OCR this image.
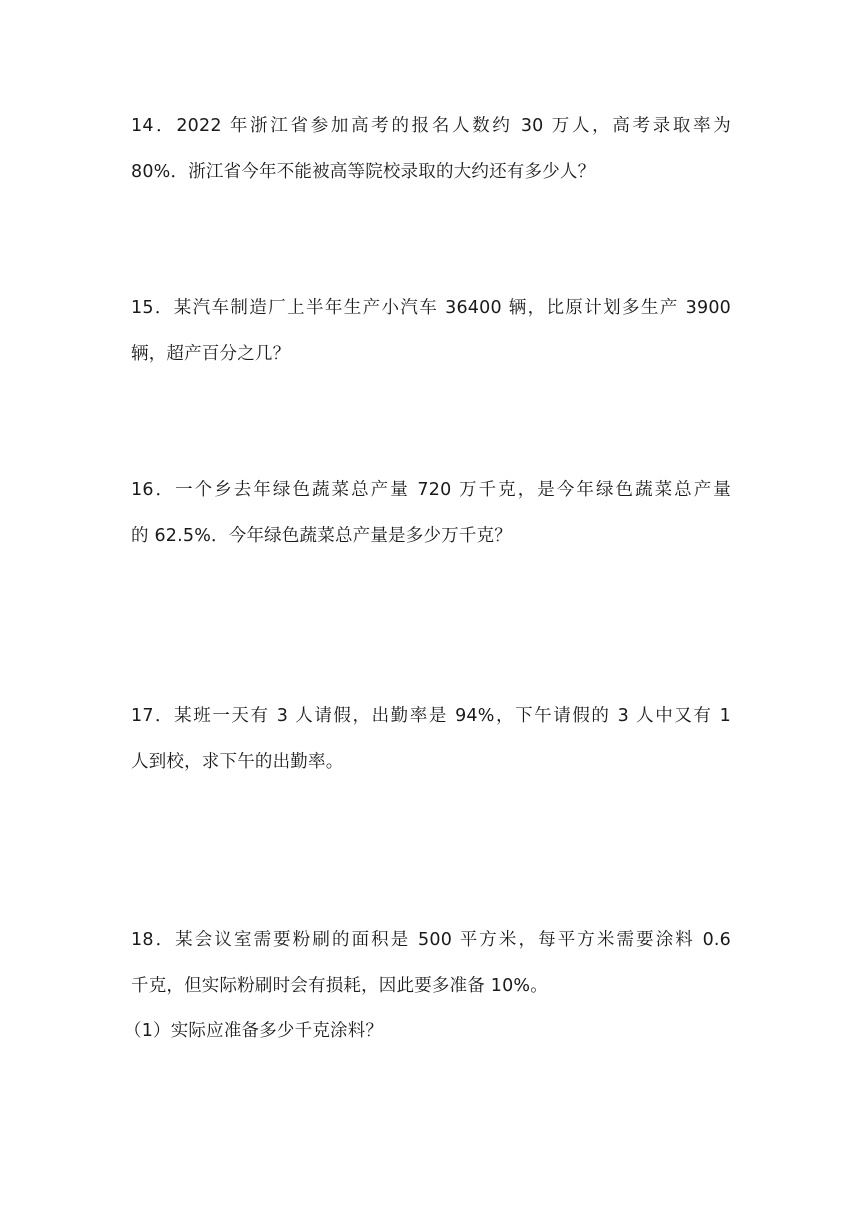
14．2022 年浙江省参加高考的报名人数约 30 万人，高考录取率为
80%．浙江省今年不能被高等院校录取的大约还有多少人？
15．某汽车制造厂上半年生产小汽车 36400 辆，比原计划多生产 3900
辆，超产百分之几？
16．一个乡去年绿色蔬菜总产量 720 万千克，是今年绿色蔬菜总产量
的 62.5%．今年绿色蔬菜总产量是多少万千克？
17．某班一天有 3 人请假，出勤率是 94%，下午请假的 3 人中又有 1
人到校，求下午的出勤率。
18．某会议室需要粉刷的面积是 500 平方米，每平方米需要涂料 0.6
千克，但实际粉刷时会有损耗，因此要多准备 10%。
（1）实际应准备多少千克涂料？
